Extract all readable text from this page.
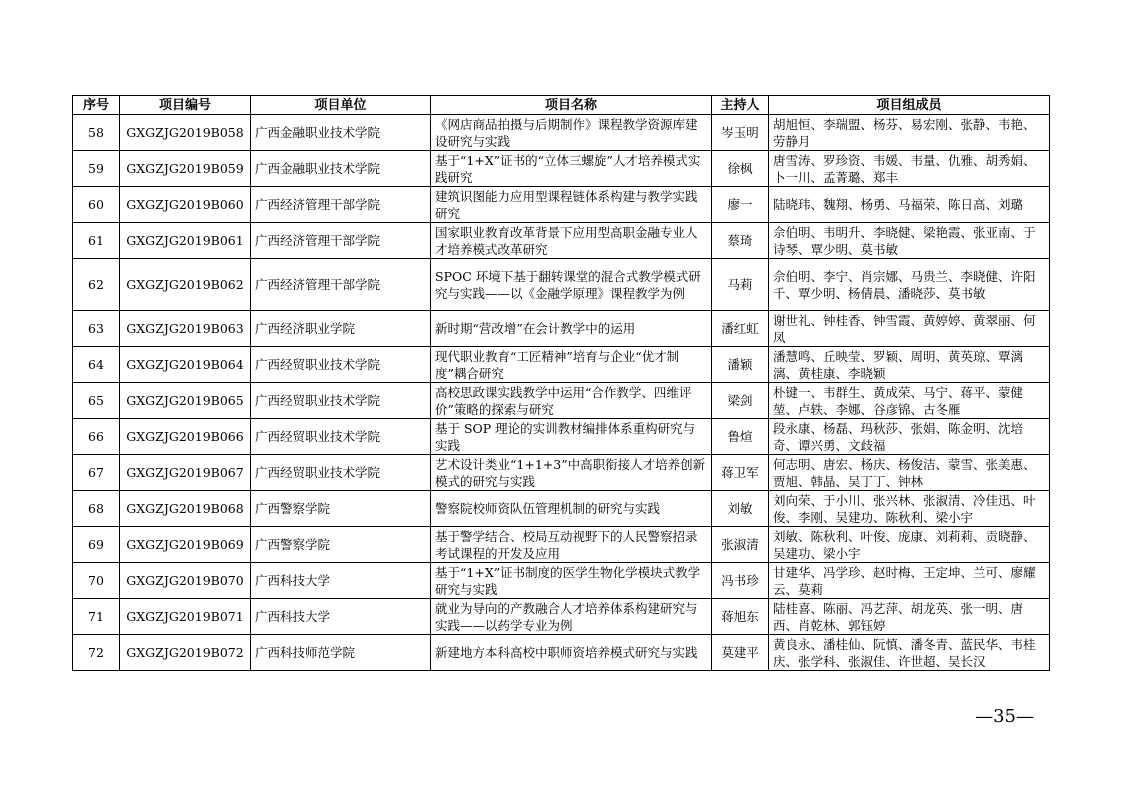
序号	项目编号	项目单位	项目名称	主持人	项目组成员
58	GXGZJG2019B058	广西金融职业技术学院	《网店商品拍摄与后期制作》课程教学资源库建设研究与实践	岑玉明	胡旭恒、李瑞盟、杨芬、易宏刚、张静、韦艳、劳静月
59	GXGZJG2019B059	广西金融职业技术学院	基于“1+X”证书的“立体三螺旋”人才培养模式实践研究	徐枫	唐雪涛、罗珍资、韦媛、韦量、仇雅、胡秀娟、卜一川、孟菁璐、郑丰
60	GXGZJG2019B060	广西经济管理干部学院	建筑识图能力应用型课程链体系构建与教学实践研究	廖一	陆晓玮、魏翔、杨勇、马福荣、陈日高、刘璐
61	GXGZJG2019B061	广西经济管理干部学院	国家职业教育改革背景下应用型高职金融专业人才培养模式改革研究	蔡琦	佘伯明、韦明升、李晓健、梁艳霞、张亚南、于诗琴、覃少明、莫书敏
62	GXGZJG2019B062	广西经济管理干部学院	SPOC 环境下基于翻转课堂的混合式教学模式研究与实践——以《金融学原理》课程教学为例	马莉	佘伯明、李宁、肖宗娜、马贵兰、李晓健、许阳千、覃少明、杨倩晨、潘晓莎、莫书敏
63	GXGZJG2019B063	广西经济职业学院	新时期“营改增”在会计教学中的运用	潘红虹	谢世礼、钟桂香、钟雪霞、黄婷婷、黄翠丽、何凤
64	GXGZJG2019B064	广西经贸职业技术学院	现代职业教育“工匠精神”培育与企业“优才制度”耦合研究	潘颖	潘慧鸣、丘映莹、罗颖、周明、黄英琼、覃漓漓、黄桂康、李晓颖
65	GXGZJG2019B065	广西经贸职业技术学院	高校思政课实践教学中运用“合作教学、四维评价”策略的探索与研究	梁剑	朴键一、韦群生、黄成荣、马宁、蒋平、蒙健堃、卢轶、李娜、谷彦锦、古冬雁
66	GXGZJG2019B066	广西经贸职业技术学院	基于 SOP 理论的实训教材编排体系重构研究与实践	鲁煊	段永康、杨磊、玛秋莎、张娟、陈金明、沈培奇、谭兴勇、文歧福
67	GXGZJG2019B067	广西经贸职业技术学院	艺术设计类业“1+1+3”中高职衔接人才培养创新模式的研究与实践	蒋卫军	何志明、唐宏、杨庆、杨俊洁、蒙雪、张美惠、贾旭、韩晶、吴丁丁、钟林
68	GXGZJG2019B068	广西警察学院	警察院校师资队伍管理机制的研究与实践	刘敏	刘向荣、于小川、张兴林、张淑清、冷佳迅、叶俊、李刚、吴建功、陈秋利、梁小宇
69	GXGZJG2019B069	广西警察学院	基于警学结合、校局互动视野下的人民警察招录考试课程的开发及应用	张淑清	刘敏、陈秋利、叶俊、庞康、刘莉莉、贡晓静、吴建功、梁小宇
70	GXGZJG2019B070	广西科技大学	基于“1+X”证书制度的医学生物化学模块式教学研究与实践	冯书珍	甘建华、冯学珍、赵时梅、王定坤、兰可、廖耀云、莫莉
71	GXGZJG2019B071	广西科技大学	就业为导向的产教融合人才培养体系构建研究与实践——以药学专业为例	蒋旭东	陆桂喜、陈丽、冯艺萍、胡龙英、张一明、唐西、肖乾林、郭钰婷
72	GXGZJG2019B072	广西科技师范学院	新建地方本科高校中职师资培养模式研究与实践	莫建平	黄良永、潘桂仙、阮慎、潘冬青、蓝民华、韦桂庆、张学科、张淑佳、许世超、吴长汉
—35—
